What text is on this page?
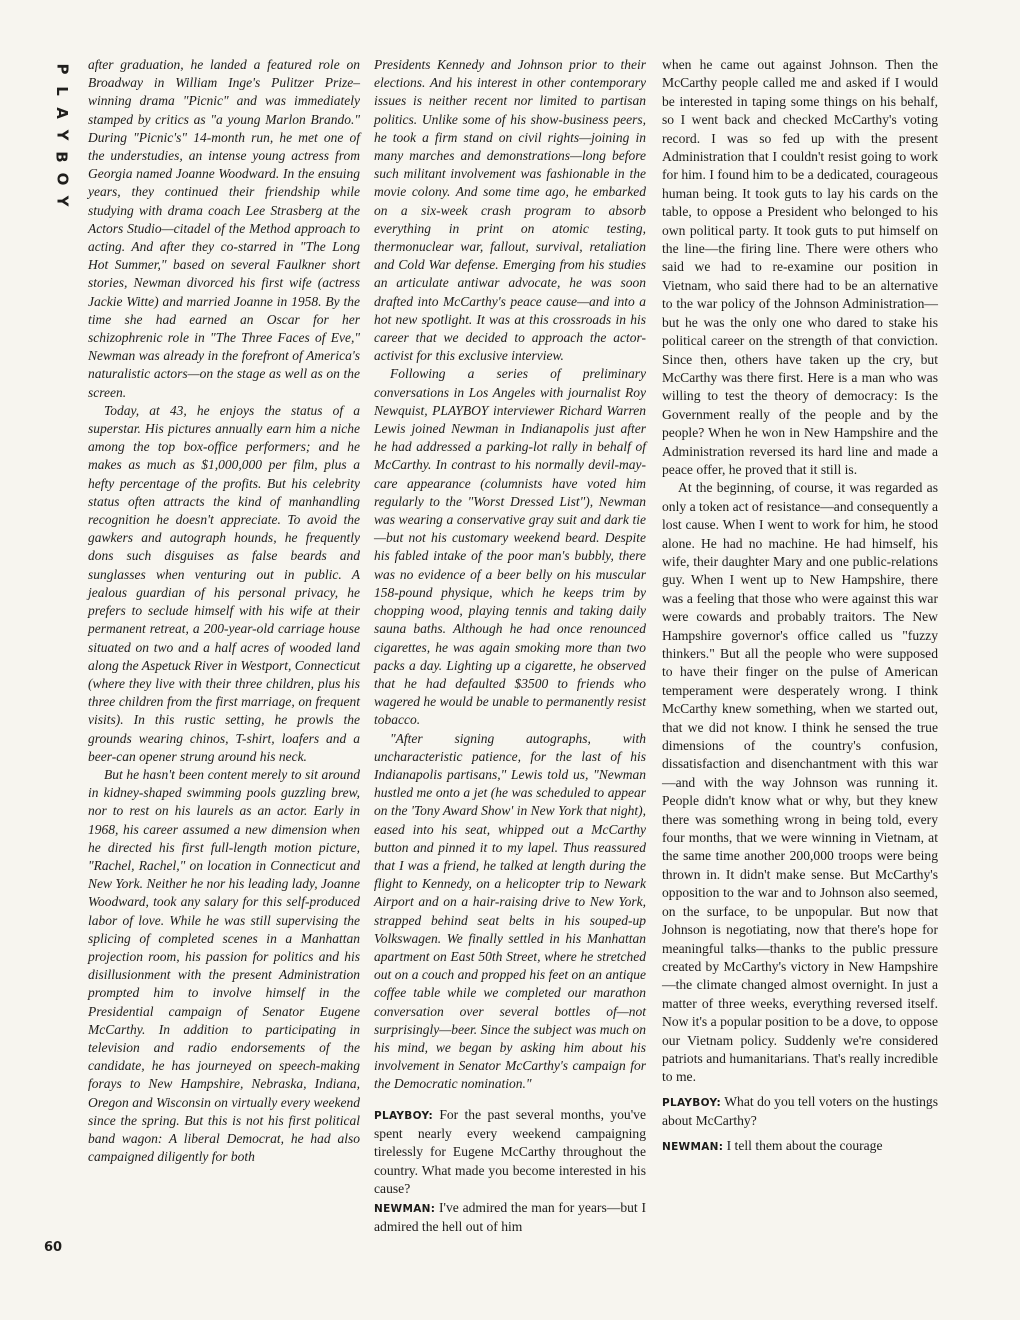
P
L
A
Y
B
O
Y
60

after graduation, he landed a featured role on Broadway in William Inge's Pulitzer Prize–winning drama "Picnic" and was immediately stamped by critics as "a young Marlon Brando." During "Picnic's" 14-month run, he met one of the understudies, an intense young actress from Georgia named Joanne Woodward. In the ensuing years, they continued their friendship while studying with drama coach Lee Strasberg at the Actors Studio—citadel of the Method approach to acting. And after they co-starred in "The Long Hot Summer," based on several Faulkner short stories, Newman divorced his first wife (actress Jackie Witte) and married Joanne in 1958. By the time she had earned an Oscar for her schizophrenic role in "The Three Faces of Eve," Newman was already in the forefront of America's naturalistic actors—on the stage as well as on the screen.

Today, at 43, he enjoys the status of a superstar. His pictures annually earn him a niche among the top box-office performers; and he makes as much as $1,000,000 per film, plus a hefty percentage of the profits. But his celebrity status often attracts the kind of manhandling recognition he doesn't appreciate. To avoid the gawkers and autograph hounds, he frequently dons such disguises as false beards and sunglasses when venturing out in public. A jealous guardian of his personal privacy, he prefers to seclude himself with his wife at their permanent retreat, a 200-year-old carriage house situated on two and a half acres of wooded land along the Aspetuck River in Westport, Connecticut (where they live with their three children, plus his three children from the first marriage, on frequent visits). In this rustic setting, he prowls the grounds wearing chinos, T-shirt, loafers and a beer-can opener strung around his neck.

But he hasn't been content merely to sit around in kidney-shaped swimming pools guzzling brew, nor to rest on his laurels as an actor. Early in 1968, his career assumed a new dimension when he directed his first full-length motion picture, "Rachel, Rachel," on location in Connecticut and New York. Neither he nor his leading lady, Joanne Woodward, took any salary for this self-produced labor of love. While he was still supervising the splicing of completed scenes in a Manhattan projection room, his passion for politics and his disillusionment with the present Administration prompted him to involve himself in the Presidential campaign of Senator Eugene McCarthy. In addition to participating in television and radio endorsements of the candidate, he has journeyed on speech-making forays to New Hampshire, Nebraska, Indiana, Oregon and Wisconsin on virtually every weekend since the spring. But this is not his first political band wagon: A liberal Democrat, he had also campaigned diligently for both

Presidents Kennedy and Johnson prior to their elections. And his interest in other contemporary issues is neither recent nor limited to partisan politics. Unlike some of his show-business peers, he took a firm stand on civil rights—joining in many marches and demonstrations—long before such militant involvement was fashionable in the movie colony. And some time ago, he embarked on a six-week crash program to absorb everything in print on atomic testing, thermonuclear war, fallout, survival, retaliation and Cold War defense. Emerging from his studies an articulate antiwar advocate, he was soon drafted into McCarthy's peace cause—and into a hot new spotlight. It was at this crossroads in his career that we decided to approach the actor-activist for this exclusive interview.

Following a series of preliminary conversations in Los Angeles with journalist Roy Newquist, PLAYBOY interviewer Richard Warren Lewis joined Newman in Indianapolis just after he had addressed a parking-lot rally in behalf of McCarthy. In contrast to his normally devil-may-care appearance (columnists have voted him regularly to the "Worst Dressed List"), Newman was wearing a conservative gray suit and dark tie—but not his customary weekend beard. Despite his fabled intake of the poor man's bubbly, there was no evidence of a beer belly on his muscular 158-pound physique, which he keeps trim by chopping wood, playing tennis and taking daily sauna baths. Although he had once renounced cigarettes, he was again smoking more than two packs a day. Lighting up a cigarette, he observed that he had defaulted $3500 to friends who wagered he would be unable to permanently resist tobacco.

"After signing autographs, with uncharacteristic patience, for the last of his Indianapolis partisans," Lewis told us, "Newman hustled me onto a jet (he was scheduled to appear on the 'Tony Award Show' in New York that night), eased into his seat, whipped out a McCarthy button and pinned it to my lapel. Thus reassured that I was a friend, he talked at length during the flight to Kennedy, on a helicopter trip to Newark Airport and on a hair-raising drive to New York, strapped behind seat belts in his souped-up Volkswagen. We finally settled in his Manhattan apartment on East 50th Street, where he stretched out on a couch and propped his feet on an antique coffee table while we completed our marathon conversation over several bottles of—not surprisingly—beer. Since the subject was much on his mind, we began by asking him about his involvement in Senator McCarthy's campaign for the Democratic nomination."

PLAYBOY: For the past several months, you've spent nearly every weekend campaigning tirelessly for Eugene McCarthy throughout the country. What made you become interested in his cause?

NEWMAN: I've admired the man for years—but I admired the hell out of him

when he came out against Johnson. Then the McCarthy people called me and asked if I would be interested in taping some things on his behalf, so I went back and checked McCarthy's voting record. I was so fed up with the present Administration that I couldn't resist going to work for him. I found him to be a dedicated, courageous human being. It took guts to lay his cards on the table, to oppose a President who belonged to his own political party. It took guts to put himself on the line—the firing line. There were others who said we had to re-examine our position in Vietnam, who said there had to be an alternative to the war policy of the Johnson Administration—but he was the only one who dared to stake his political career on the strength of that conviction. Since then, others have taken up the cry, but McCarthy was there first. Here is a man who was willing to test the theory of democracy: Is the Government really of the people and by the people? When he won in New Hampshire and the Administration reversed its hard line and made a peace offer, he proved that it still is.

At the beginning, of course, it was regarded as only a token act of resistance—and consequently a lost cause. When I went to work for him, he stood alone. He had no machine. He had himself, his wife, their daughter Mary and one public-relations guy. When I went up to New Hampshire, there was a feeling that those who were against this war were cowards and probably traitors. The New Hampshire governor's office called us "fuzzy thinkers." But all the people who were supposed to have their finger on the pulse of American temperament were desperately wrong. I think McCarthy knew something, when we started out, that we did not know. I think he sensed the true dimensions of the country's confusion, dissatisfaction and disenchantment with this war—and with the way Johnson was running it. People didn't know what or why, but they knew there was something wrong in being told, every four months, that we were winning in Vietnam, at the same time another 200,000 troops were being thrown in. It didn't make sense. But McCarthy's opposition to the war and to Johnson also seemed, on the surface, to be unpopular. But now that Johnson is negotiating, now that there's hope for meaningful talks—thanks to the public pressure created by McCarthy's victory in New Hampshire—the climate changed almost overnight. In just a matter of three weeks, everything reversed itself. Now it's a popular position to be a dove, to oppose our Vietnam policy. Suddenly we're considered patriots and humanitarians. That's really incredible to me.

PLAYBOY: What do you tell voters on the hustings about McCarthy?

NEWMAN: I tell them about the courage
